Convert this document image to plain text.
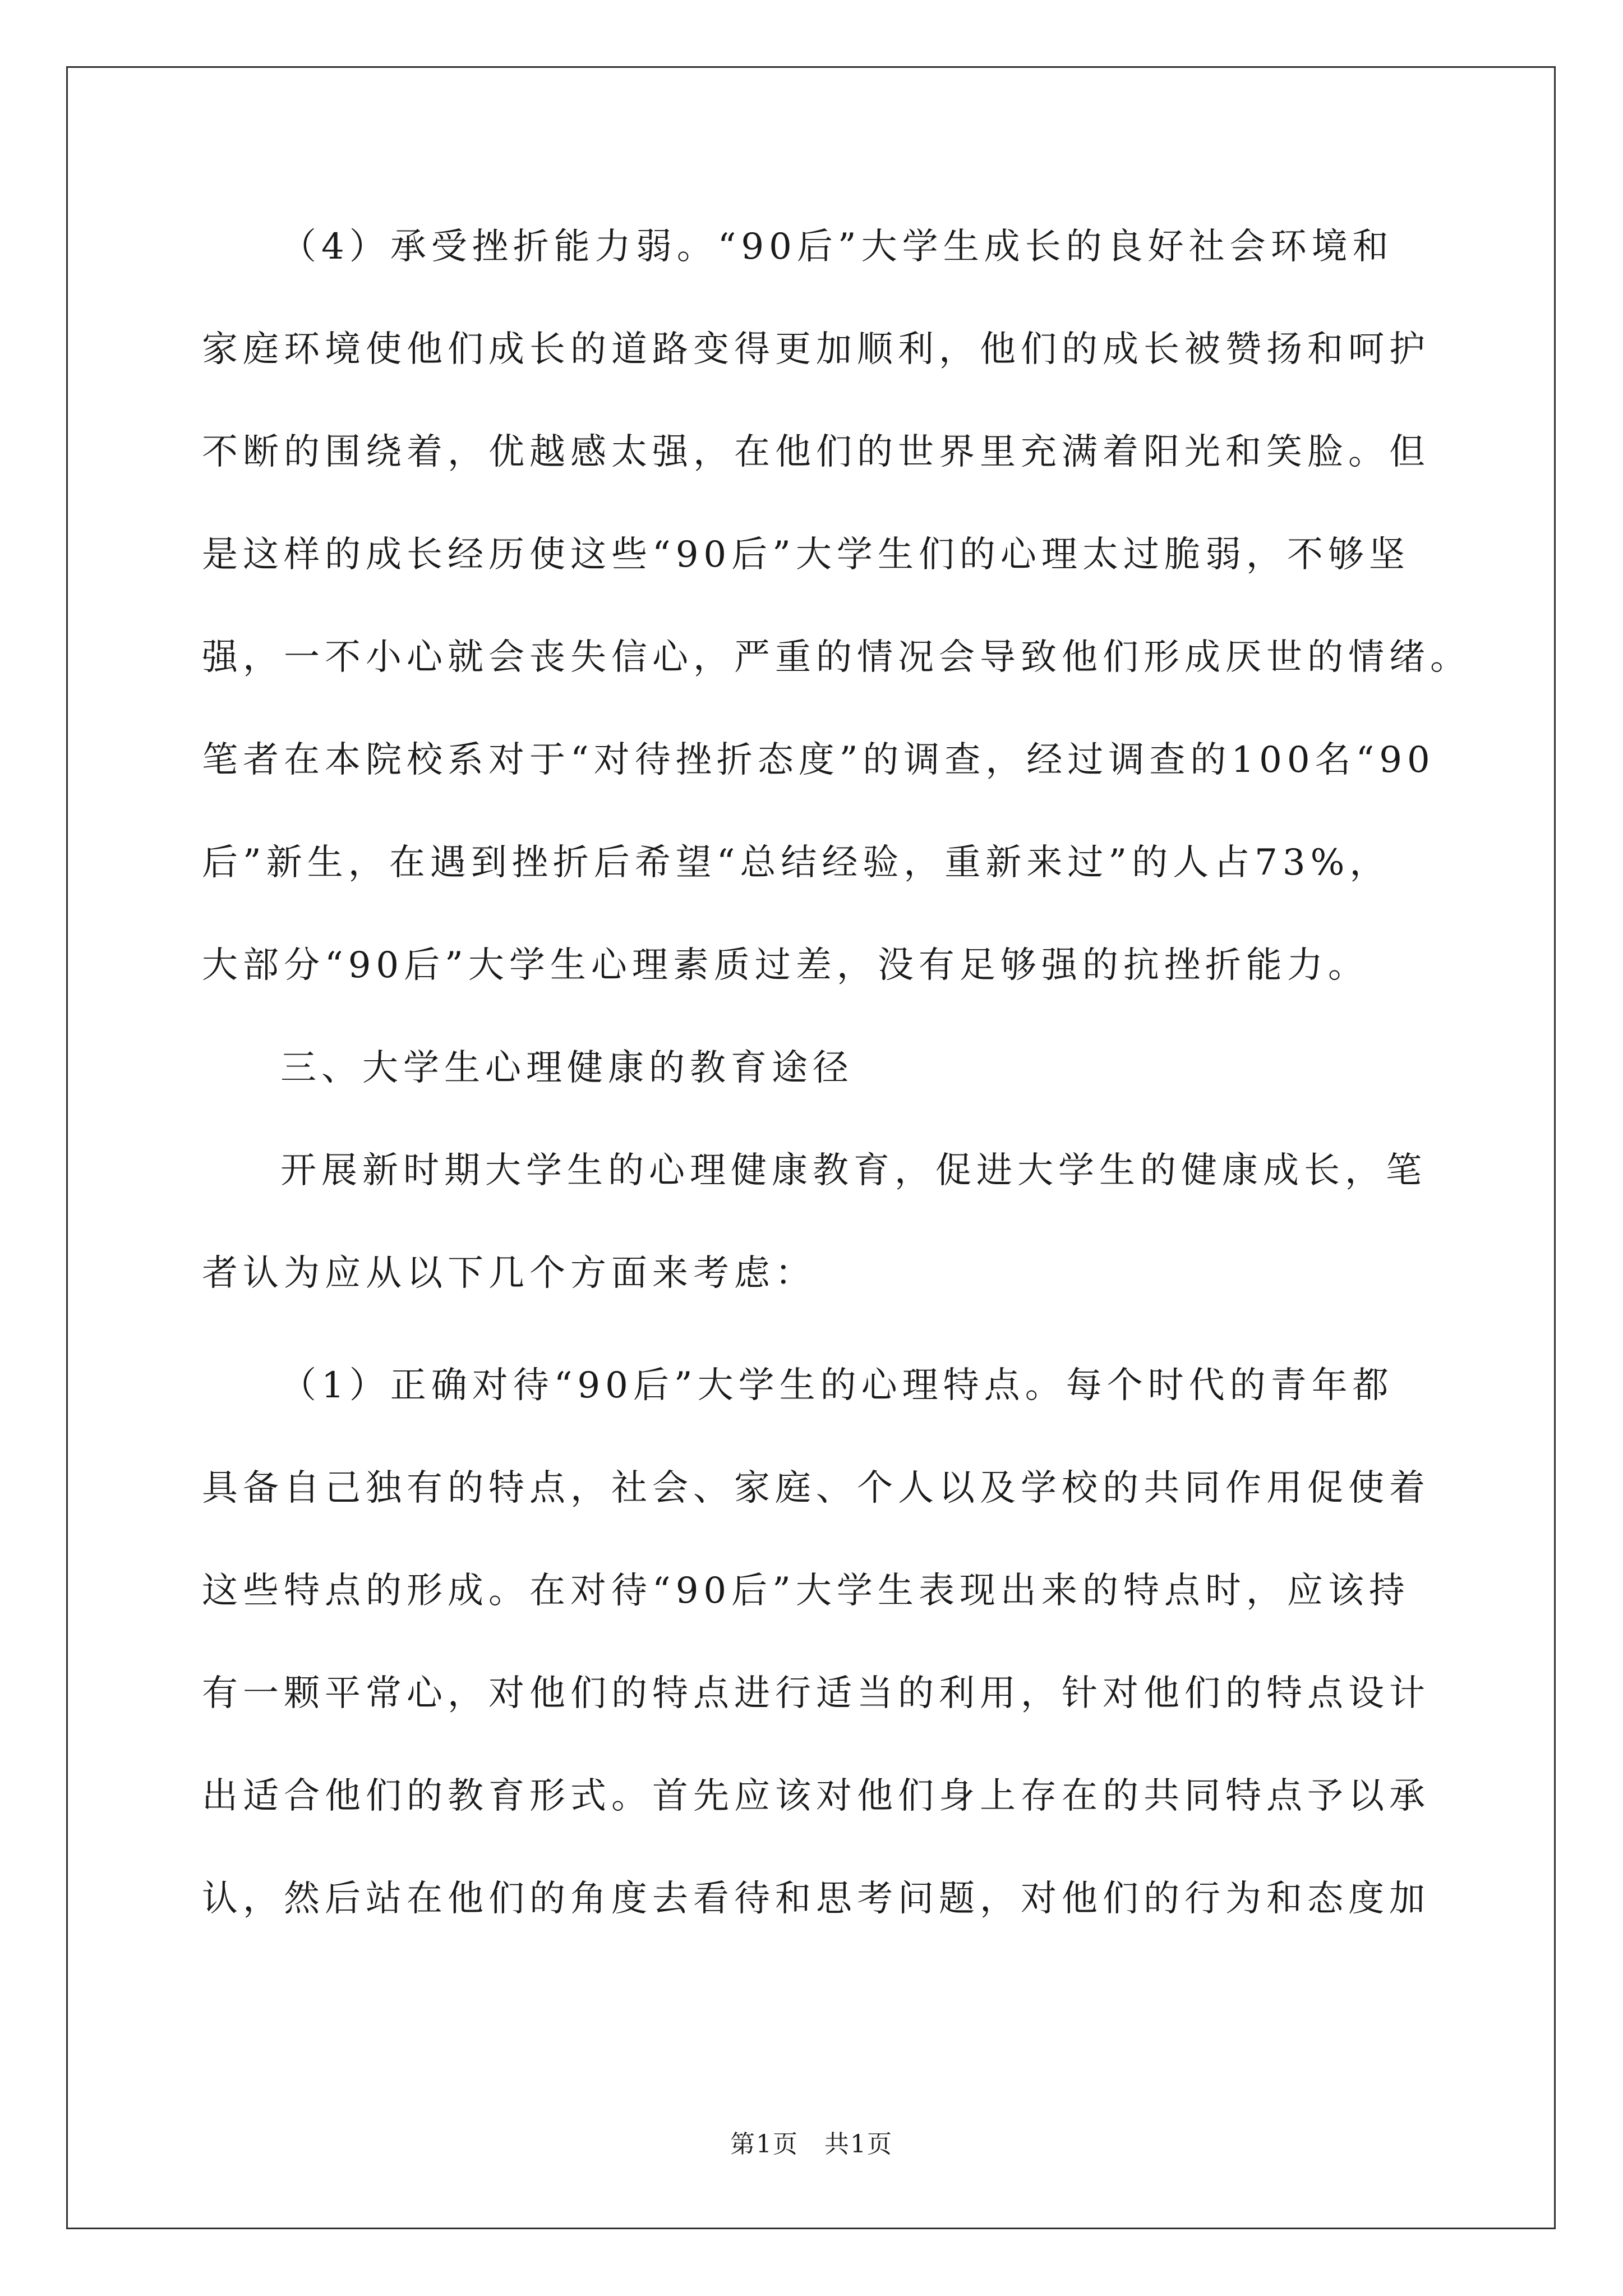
（4）承受挫折能力弱。“90后”大学生成长的良好社会环境和
家庭环境使他们成长的道路变得更加顺利，他们的成长被赞扬和呵护
不断的围绕着，优越感太强，在他们的世界里充满着阳光和笑脸。但
是这样的成长经历使这些“90后”大学生们的心理太过脆弱，不够坚
强，一不小心就会丧失信心，严重的情况会导致他们形成厌世的情绪。
笔者在本院校系对于“对待挫折态度”的调查，经过调查的100名“90
后”新生，在遇到挫折后希望“总结经验，重新来过”的人占73%，
大部分“90后”大学生心理素质过差，没有足够强的抗挫折能力。
三、大学生心理健康的教育途径
开展新时期大学生的心理健康教育，促进大学生的健康成长，笔
者认为应从以下几个方面来考虑：
（1）正确对待“90后”大学生的心理特点。每个时代的青年都
具备自己独有的特点，社会、家庭、个人以及学校的共同作用促使着
这些特点的形成。在对待“90后”大学生表现出来的特点时，应该持
有一颗平常心，对他们的特点进行适当的利用，针对他们的特点设计
出适合他们的教育形式。首先应该对他们身上存在的共同特点予以承
认，然后站在他们的角度去看待和思考问题，对他们的行为和态度加
第1页　共1页
